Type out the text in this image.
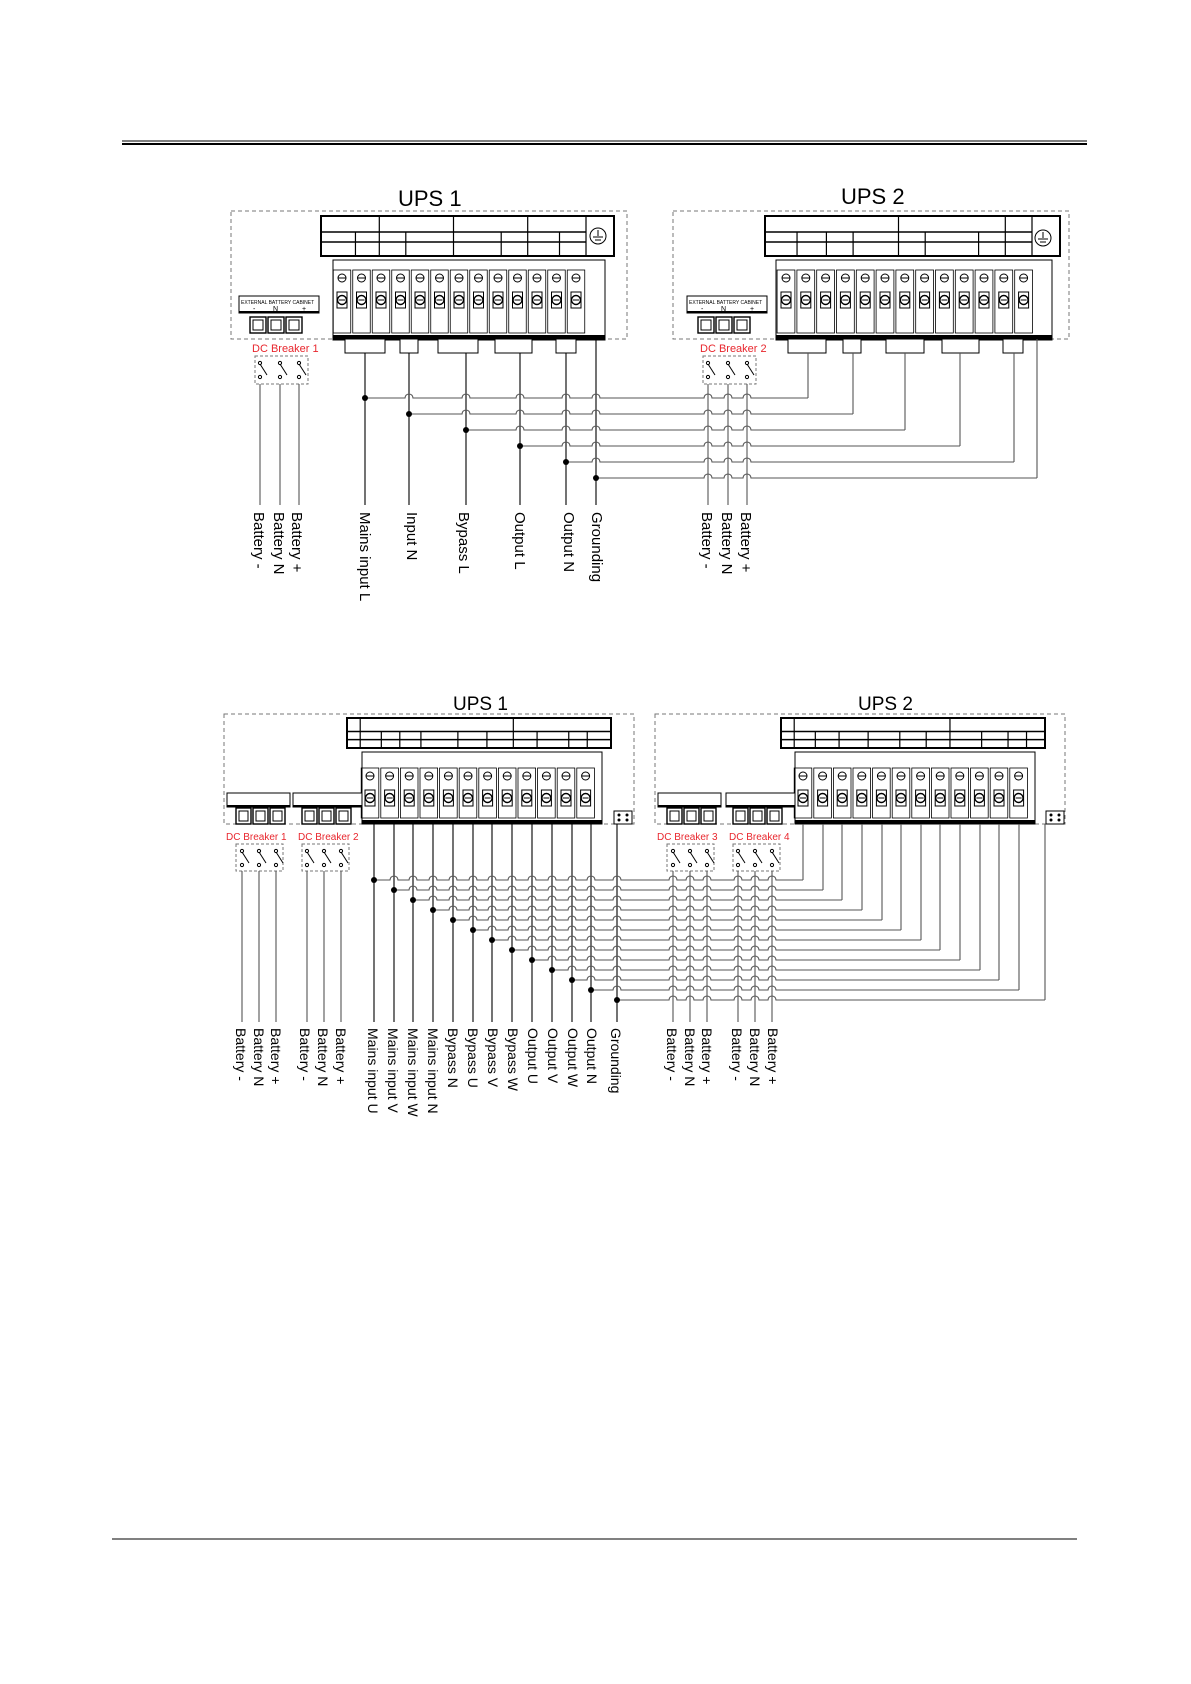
UPS 1
EXTERNAL BATTERY CABINET
-	N	+
DC Breaker 1
UPS 2
EXTERNAL BATTERY CABINET
-	N	+
DC Breaker 2
Battery - Battery N Battery +	Mains input L Input N Bypass L	Output L Output N Grounding	Battery - Battery N Battery +
UPS 1
DC Breaker 1 DC Breaker 2
UPS 2
DC Breaker 3 DC Breaker 4
Battery - Battery N Battery + Battery - Battery N Battery + Mains input U Mains input V Mains input W Mains input N Bypass N Bypass U Bypass V Bypass W Output U Output V Output W Output N Grounding	Battery - Battery N Battery + Battery - Battery N Battery +
